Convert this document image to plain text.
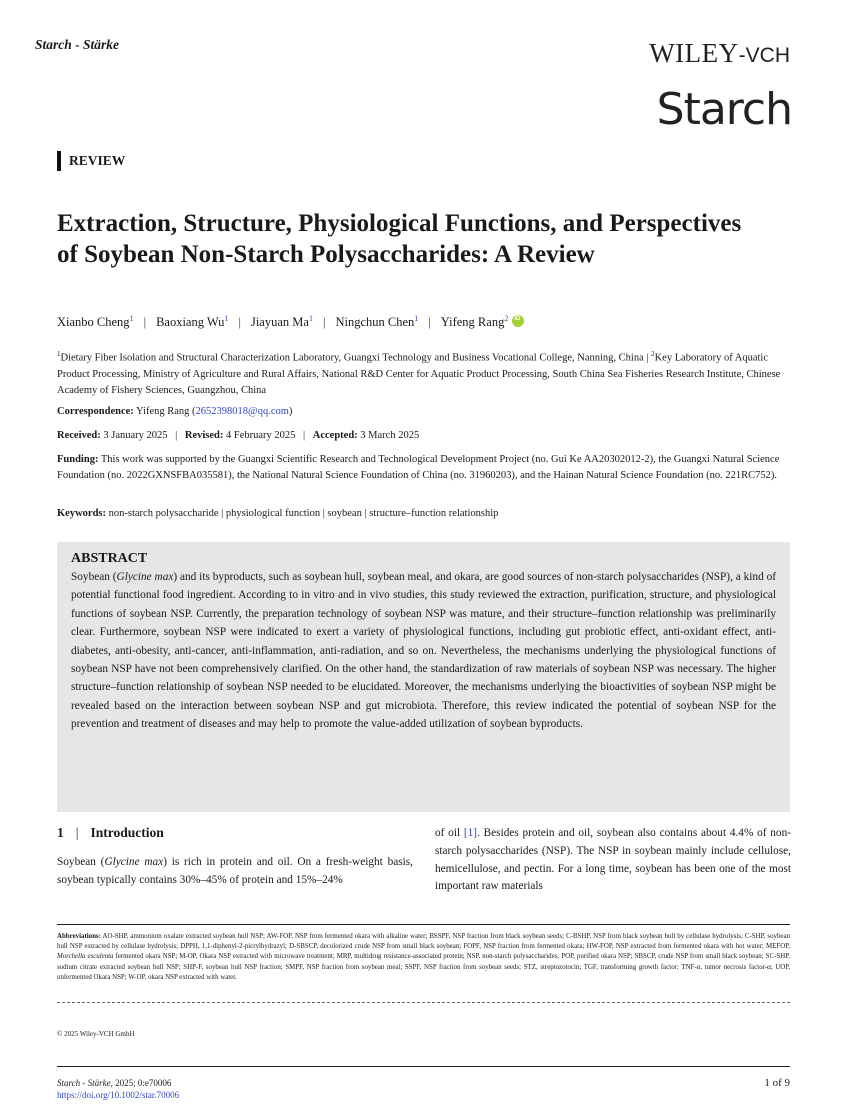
Starch - Stärke	WILEY-VCH
Starch
REVIEW
Extraction, Structure, Physiological Functions, and Perspectives of Soybean Non-Starch Polysaccharides: A Review
Xianbo Cheng$^1$ | Baoxiang Wu$^1$ | Jiayuan Ma$^1$ | Ningchun Chen$^1$ | Yifeng Rang$^2$
iD
$^1$Dietary Fiber Isolation and Structural Characterization Laboratory, Guangxi Technology and Business Vocational College, Nanning, China | $^2$Key Laboratory of Aquatic Product Processing, Ministry of Agriculture and Rural Affairs, National R&D Center for Aquatic Product Processing, South China Sea Fisheries Research Institute, Chinese Academy of Fishery Sciences, Guangzhou, China
Correspondence: Yifeng Rang (2652398018@qq.com)
Received: 3 January 2025 | Revised: 4 February 2025 | Accepted: 3 March 2025
Funding: This work was supported by the Guangxi Scientific Research and Technological Development Project (no. Gui Ke AA20302012-2), the Guangxi Natural Science Foundation (no. 2022GXNSFBA035581), the National Natural Science Foundation of China (no. 31960203), and the Hainan Natural Science Foundation (no. 221RC752).
Keywords: non-starch polysaccharide | physiological function | soybean | structure–function relationship
ABSTRACT

Soybean (Glycine max) and its byproducts, such as soybean hull, soybean meal, and okara, are good sources of non-starch polysaccharides (NSP), a kind of potential functional food ingredient. According to in vitro and in vivo studies, this study reviewed the extraction, purification, structure, and physiological functions of soybean NSP. Currently, the preparation technology of soybean NSP was mature, and their structure–function relationship was preliminarily clear. Furthermore, soybean NSP were indicated to exert a variety of physiological functions, including gut probiotic effect, anti-oxidant effect, anti-diabetes, anti-obesity, anti-cancer, anti-inflammation, anti-radiation, and so on. Nevertheless, the mechanisms underlying the physiological functions of soybean NSP have not been comprehensively clarified. On the other hand, the standardization of raw materials of soybean NSP was necessary. The higher structure–function relationship of soybean NSP needed to be elucidated. Moreover, the mechanisms underlying the bioactivities of soybean NSP might be revealed based on the interaction between soybean NSP and gut microbiota. Therefore, this review indicated the potential of soybean NSP for the prevention and treatment of diseases and may help to promote the value-added utilization of soybean byproducts.

1 | Introduction

Soybean (Glycine max) is rich in protein and oil. On a fresh-weight basis, soybean typically contains 30%–45% of protein and 15%–24%

of oil [1]. Besides protein and oil, soybean also contains about 4.4% of non-starch polysaccharides (NSP). The NSP in soybean mainly include cellulose, hemicellulose, and pectin. For a long time, soybean has been one of the most important raw materials

Abbreviations: AO-SHP, ammonium oxalate extracted soybean hull NSP; AW-FOP, NSP from fermented okara with alkaline water; BSSPF, NSP fraction from black soybean seeds; C-BSHP, NSP from black soybean hull by cellulase hydrolysis; C-SHP, soybean hull NSP extracted by cellulase hydrolysis; DPPH, 1,1-diphenyl-2-picrylhydrazyl; D-SBSCP, decolorized crude NSP from small black soybean; FOPF, NSP fraction from fermented okara; HW-FOP, NSP extracted from fermented okara with hot water; MEFOP, Morchella esculenta fermented okara NSP; M-OP, Okara NSP extracted with microwave treatment; MRP, multidrug resistance-associated protein; NSP, non-starch polysaccharides; POP, purified okara NSP; SBSCP, crude NSP from small black soybean; SC-SHP, sodium citrate extracted soybean hull NSP; SHP-F, soybean hull NSP fraction; SMPF, NSP fraction from soybean meal; SSPF, NSP fraction from soybean seeds; STZ, streptozotocin; TGF, transforming growth factor; TNF-α, tumor necrosis factor-α; UOP, unfermented Okara NSP; W-OP, okara NSP extracted with water.
© 2025 Wiley-VCH GmbH
Starch - Stärke, 2025; 0:e70006
https://doi.org/10.1002/star.70006
1 of 9
